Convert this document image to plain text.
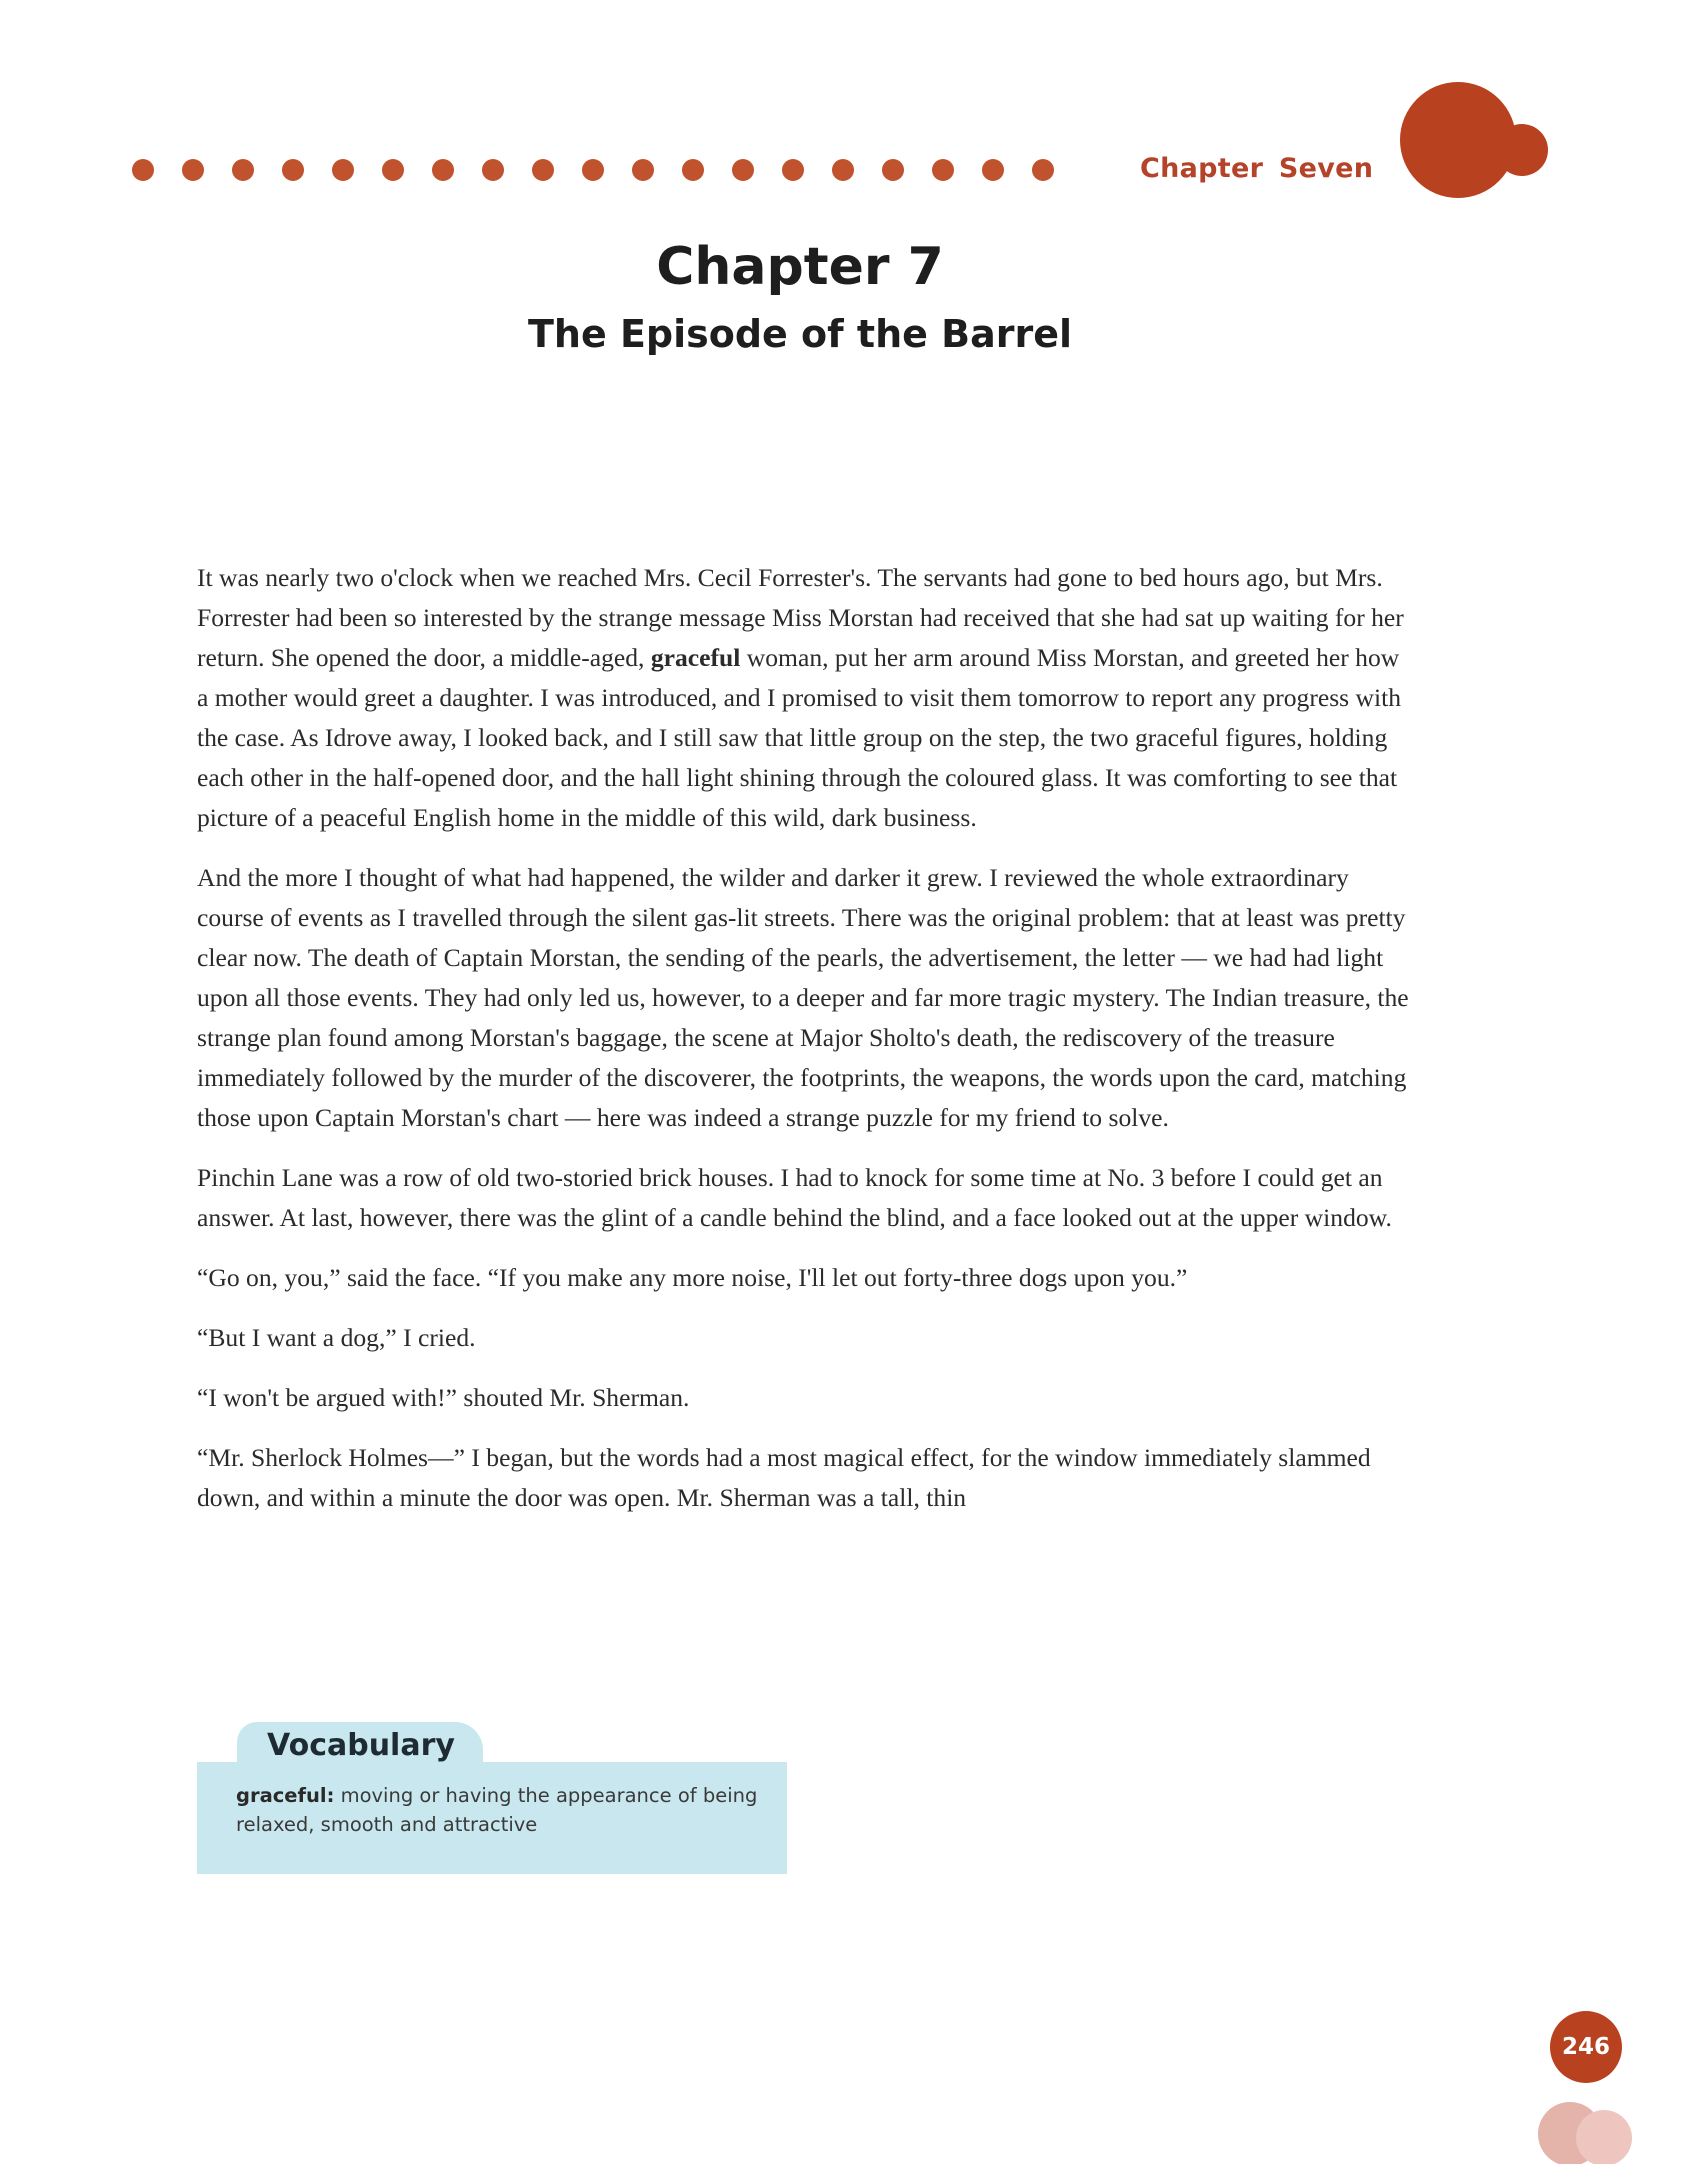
Chapter Seven
Chapter 7
The Episode of the Barrel

It was nearly two o'clock when we reached Mrs. Cecil Forrester's. The servants had gone to bed hours ago, but Mrs. Forrester had been so interested by the strange message Miss Morstan had received that she had sat up waiting for her return. She opened the door, a middle-aged, graceful woman, put her arm around Miss Morstan, and greeted her how a mother would greet a daughter. I was introduced, and I promised to visit them tomorrow to report any progress with the case. As Idrove away, I looked back, and I still saw that little group on the step, the two graceful figures, holding each other in the half-opened door, and the hall light shining through the coloured glass. It was comforting to see that picture of a peaceful English home in the middle of this wild, dark business.

And the more I thought of what had happened, the wilder and darker it grew. I reviewed the whole extraordinary course of events as I travelled through the silent gas-lit streets. There was the original problem: that at least was pretty clear now. The death of Captain Morstan, the sending of the pearls, the advertisement, the letter — we had had light upon all those events. They had only led us, however, to a deeper and far more tragic mystery. The Indian treasure, the strange plan found among Morstan's baggage, the scene at Major Sholto's death, the rediscovery of the treasure immediately followed by the murder of the discoverer, the footprints, the weapons, the words upon the card, matching those upon Captain Morstan's chart — here was indeed a strange puzzle for my friend to solve.

Pinchin Lane was a row of old two-storied brick houses. I had to knock for some time at No. 3 before I could get an answer. At last, however, there was the glint of a candle behind the blind, and a face looked out at the upper window.

“Go on, you,” said the face. “If you make any more noise, I'll let out forty-three dogs upon you.”

“But I want a dog,” I cried.

“I won't be argued with!” shouted Mr. Sherman.

“Mr. Sherlock Holmes—” I began, but the words had a most magical effect, for the window immediately slammed down, and within a minute the door was open. Mr. Sherman was a tall, thin

Vocabulary
graceful: moving or having the appearance of being relaxed, smooth and attractive
246
